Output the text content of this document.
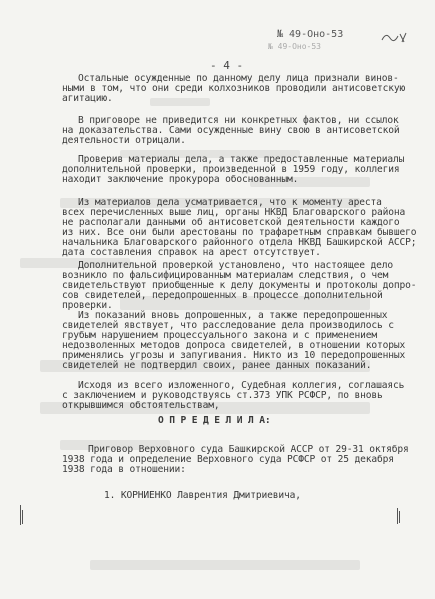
№ 49-Оно-53
№ 49-Оно-53
- 4 -
Остальные осужденные по данному делу лица признали винов-
ными в том, что они среди колхозников проводили антисоветскую
агитацию.
В приговоре не приведится ни конкретных фактов, ни ссылок
на доказательства. Сами осужденные вину свою в антисоветской
деятельности отрицали.
Проверив материалы дела, а также предоставленные материалы
дополнительной проверки, произведенной в 1959 году, коллегия
находит заключение прокурора обоснованным.
Из материалов дела усматривается, что к моменту ареста
всех перечисленных выше лиц, органы НКВД Благоварского района
не располагали данными об антисоветской деятельности каждого
из них. Все они были арестованы по трафаретным справкам бывшего
начальника Благоварского районного отдела НКВД Башкирской АССР;
дата составления справок на арест отсутствует.
Дополнительной проверкой установлено, что настоящее дело
возникло по фальсифицированным материалам следствия, о чем
свидетельствуют приобщенные к делу документы и протоколы допро-
сов свидетелей, передопрошенных в процессе дополнительной
проверки.
Из показаний вновь допрошенных, а также передопрошенных
свидетелей явствует, что расследование дела производилось с
грубым нарушением процессуального закона и с применением
недозволенных методов допроса свидетелей, в отношении которых
применялись угрозы и запугивания. Никто из 10 передопрошенных
свидетелей не подтвердил своих, ранее данных показаний.
Исходя из всего изложенного, Судебная коллегия, соглашаясь
с заключением и руководствуясь ст.373 УПК РСФСР, по вновь
открывшимся обстоятельствам,
О П Р Е Д Е Л И Л А:
Приговор Верховного суда Башкирской АССР от 29-31 октября
1938 года и определение Верховного суда РСФСР от 25 декабря
1938 года в отношении:
1. КОРНИЕНКО Лаврентия Дмитриевича,
